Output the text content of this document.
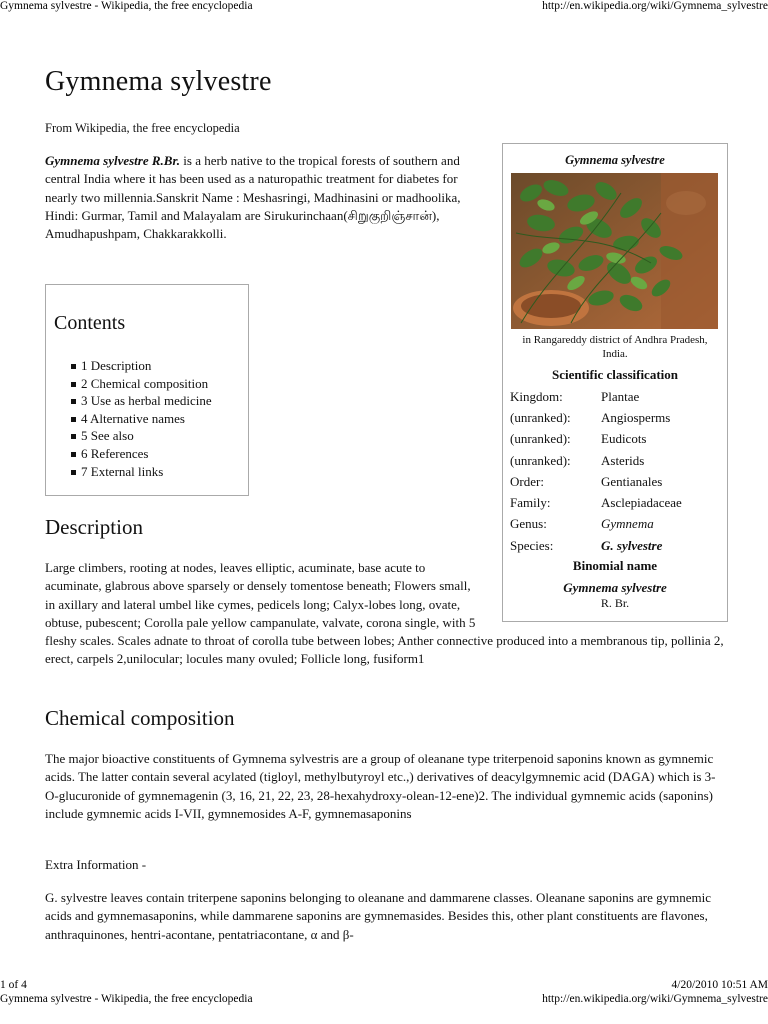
Gymnema sylvestre - Wikipedia, the free encyclopedia	http://en.wikipedia.org/wiki/Gymnema_sylvestre
Gymnema sylvestre
From Wikipedia, the free encyclopedia

Gymnema sylvestre R.Br. is a herb native to the tropical forests of southern and central India where it has been used as a naturopathic treatment for diabetes for nearly two millennia.Sanskrit Name : Meshasringi, Madhinasini or madhoolika, Hindi: Gurmar, Tamil and Malayalam are Sirukurinchaan(சிறுகுறிஞ்சான்), Amudhapushpam, Chakkarakkolli.

Contents
1 Description
2 Chemical composition
3 Use as herbal medicine
4 Alternative names
5 See also
6 References
7 External links
Gymnema sylvestre
in Rangareddy district of Andhra Pradesh, India.
Scientific classification
Kingdom:	Plantae
(unranked): Angiosperms
(unranked): Eudicots
(unranked): Asterids
Order:	Gentianales
Family:	Asclepiadaceae
Genus:	Gymnema
Species:	G. sylvestre
Binomial name
Gymnema sylvestre
R. Br.
Description

Large climbers, rooting at nodes, leaves elliptic, acuminate, base acute to acuminate, glabrous above sparsely or densely tomentose beneath; Flowers small, in axillary and lateral umbel like cymes, pedicels long; Calyx-lobes long, ovate, obtuse, pubescent; Corolla pale yellow campanulate, valvate, corona single, with 5 fleshy scales. Scales adnate to throat of corolla tube between lobes; Anther connective produced into a membranous tip, pollinia 2, erect, carpels 2,unilocular; locules many ovuled; Follicle long, fusiform1

Chemical composition

The major bioactive constituents of Gymnema sylvestris are a group of oleanane type triterpenoid saponins known as gymnemic acids. The latter contain several acylated (tigloyl, methylbutyroyl etc.,) derivatives of deacylgymnemic acid (DAGA) which is 3-O-glucuronide of gymnemagenin (3, 16, 21, 22, 23, 28-hexahydroxy-olean-12-ene)2. The individual gymnemic acids (saponins) include gymnemic acids I-VII, gymnemosides A-F, gymnemasaponins

Extra Information -

G. sylvestre leaves contain triterpene saponins belonging to oleanane and dammarene classes. Oleanane saponins are gymnemic acids and gymnemasaponins, while dammarene saponins are gymnemasides. Besides this, other plant constituents are flavones, anthraquinones, hentri-acontane, pentatriacontane, α and β-

1 of 4	4/20/2010 10:51 AM
Gymnema sylvestre - Wikipedia, the free encyclopedia	http://en.wikipedia.org/wiki/Gymnema_sylvestre
